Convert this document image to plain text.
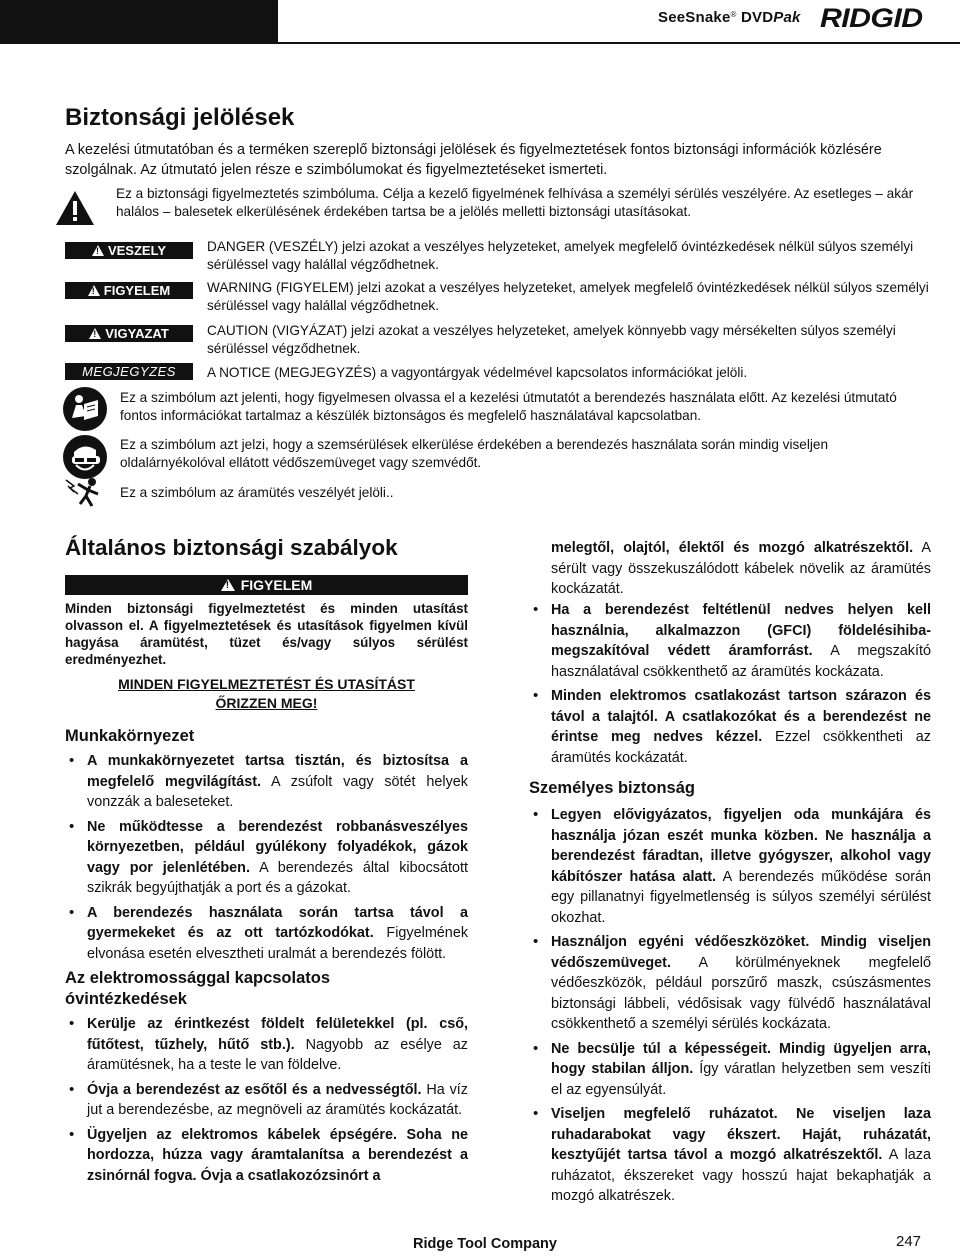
SeeSnake® DVDPak RIDGID
Biztonsági jelölések
A kezelési útmutatóban és a terméken szereplő biztonsági jelölések és figyelmeztetések fontos biztonsági információk közlésére szolgálnak. Az útmutató jelen része e szimbólumokat és figyelmeztetéseket ismerteti.
Ez a biztonsági figyelmeztetés szimbóluma. Célja a kezelő figyelmének felhívása a személyi sérülés veszélyére. Az esetleges – akár halálos – balesetek elkerülésének érdekében tartsa be a jelölés melletti biztonsági utasításokat.
!
VESZELY	DANGER (VESZÉLY) jelzi azokat a veszélyes helyzeteket, amelyek megfelelő óvintézkedések nélkül súlyos személyi sérüléssel vagy halállal végződhetnek.
!
FIGYELEM	WARNING (FIGYELEM) jelzi azokat a veszélyes helyzeteket, amelyek megfelelő óvintézkedések nélkül súlyos személyi sérüléssel vagy halállal végződhetnek.
!
VIGYAZAT	CAUTION (VIGYÁZAT) jelzi azokat a veszélyes helyzeteket, amelyek könnyebb vagy mérsékelten súlyos személyi sérüléssel végződhetnek.
MEGJEGYZES A NOTICE (MEGJEGYZÉS) a vagyontárgyak védelmével kapcsolatos információkat jelöli.
Ez a szimbólum azt jelenti, hogy figyelmesen olvassa el a kezelési útmutatót a berendezés használata előtt. Az kezelési útmutató fontos információkat tartalmaz a készülék biztonságos és megfelelő használatával kapcsolatban.
Ez a szimbólum azt jelzi, hogy a szemsérülések elkerülése érdekében a berendezés használata során mindig viseljen oldalárnyékolóval ellátott védőszemüveget vagy szemvédőt.
Ez a szimbólum az áramütés veszélyét jelöli..
Általános biztonsági szabályok
!
FIGYELEM
Minden biztonsági figyelmeztetést és minden utasítást olvasson el. A figyelmeztetések és utasítások figyelmen kívül hagyása áramütést, tüzet és/vagy súlyos sérülést eredményezhet.
MINDEN FIGYELMEZTETÉST ÉS UTASÍTÁST
ŐRIZZEN MEG!
Munkakörnyezet
• A munkakörnyezetet tartsa tisztán, és biztosítsa a megfelelő megvilágítást. A zsúfolt vagy sötét helyek vonzzák a baleseteket.
• Ne működtesse a berendezést robbanásveszélyes környezetben, például gyúlékony folyadékok, gázok vagy por jelenlétében. A berendezés által kibocsátott szikrák begyújthatják a port és a gázokat.
• A berendezés használata során tartsa távol a gyermekeket és az ott tartózkodókat. Figyelmének elvonása esetén elvesztheti uralmát a berendezés fölött.
Az elektromossággal kapcsolatos
óvintézkedések
• Kerülje az érintkezést földelt felületekkel (pl. cső, fűtőtest, tűzhely, hűtő stb.). Nagyobb az esélye az áramütésnek, ha a teste le van földelve.
• Óvja a berendezést az esőtől és a nedvességtől. Ha víz jut a berendezésbe, az megnöveli az áramütés kockázatát.
• Ügyeljen az elektromos kábelek épségére. Soha ne hordozza, húzza vagy áramtalanítsa a berendezést a zsinórnál fogva. Óvja a csatlakozózsinórt a
melegtől, olajtól, élektől és mozgó alkatrészektől. A sérült vagy összekuszálódott kábelek növelik az áramütés kockázatát.
• Ha a berendezést feltétlenül nedves helyen kell használnia, alkalmazzon (GFCI) földelésihiba-megszakítóval védett áramforrást. A megszakító használatával csökkenthető az áramütés kockázata.
• Minden elektromos csatlakozást tartson szárazon és távol a talajtól. A csatlakozókat és a berendezést ne érintse meg nedves kézzel. Ezzel csökkentheti az áramütés kockázatát.
Személyes biztonság
• Legyen elővigyázatos, figyeljen oda munkájára és használja józan eszét munka közben. Ne használja a berendezést fáradtan, illetve gyógyszer, alkohol vagy kábítószer hatása alatt. A berendezés működése során egy pillanatnyi figyelmetlenség is súlyos személyi sérülést okozhat.
• Használjon egyéni védőeszközöket. Mindig viseljen védőszemüveget. A körülményeknek megfelelő védőeszközök, például porszűrő maszk, csúszásmentes biztonsági lábbeli, védősisak vagy fülvédő használatával csökkenthető a személyi sérülés kockázata.
• Ne becsülje túl a képességeit. Mindig ügyeljen arra, hogy stabilan álljon. Így váratlan helyzetben sem veszíti el az egyensúlyát.
• Viseljen megfelelő ruházatot. Ne viseljen laza ruhadarabokat vagy ékszert. Haját, ruházatát, kesztyűjét tartsa távol a mozgó alkatrészektől. A laza ruházatot, ékszereket vagy hosszú hajat bekaphatják a mozgó alkatrészek.
Ridge Tool Company	247
